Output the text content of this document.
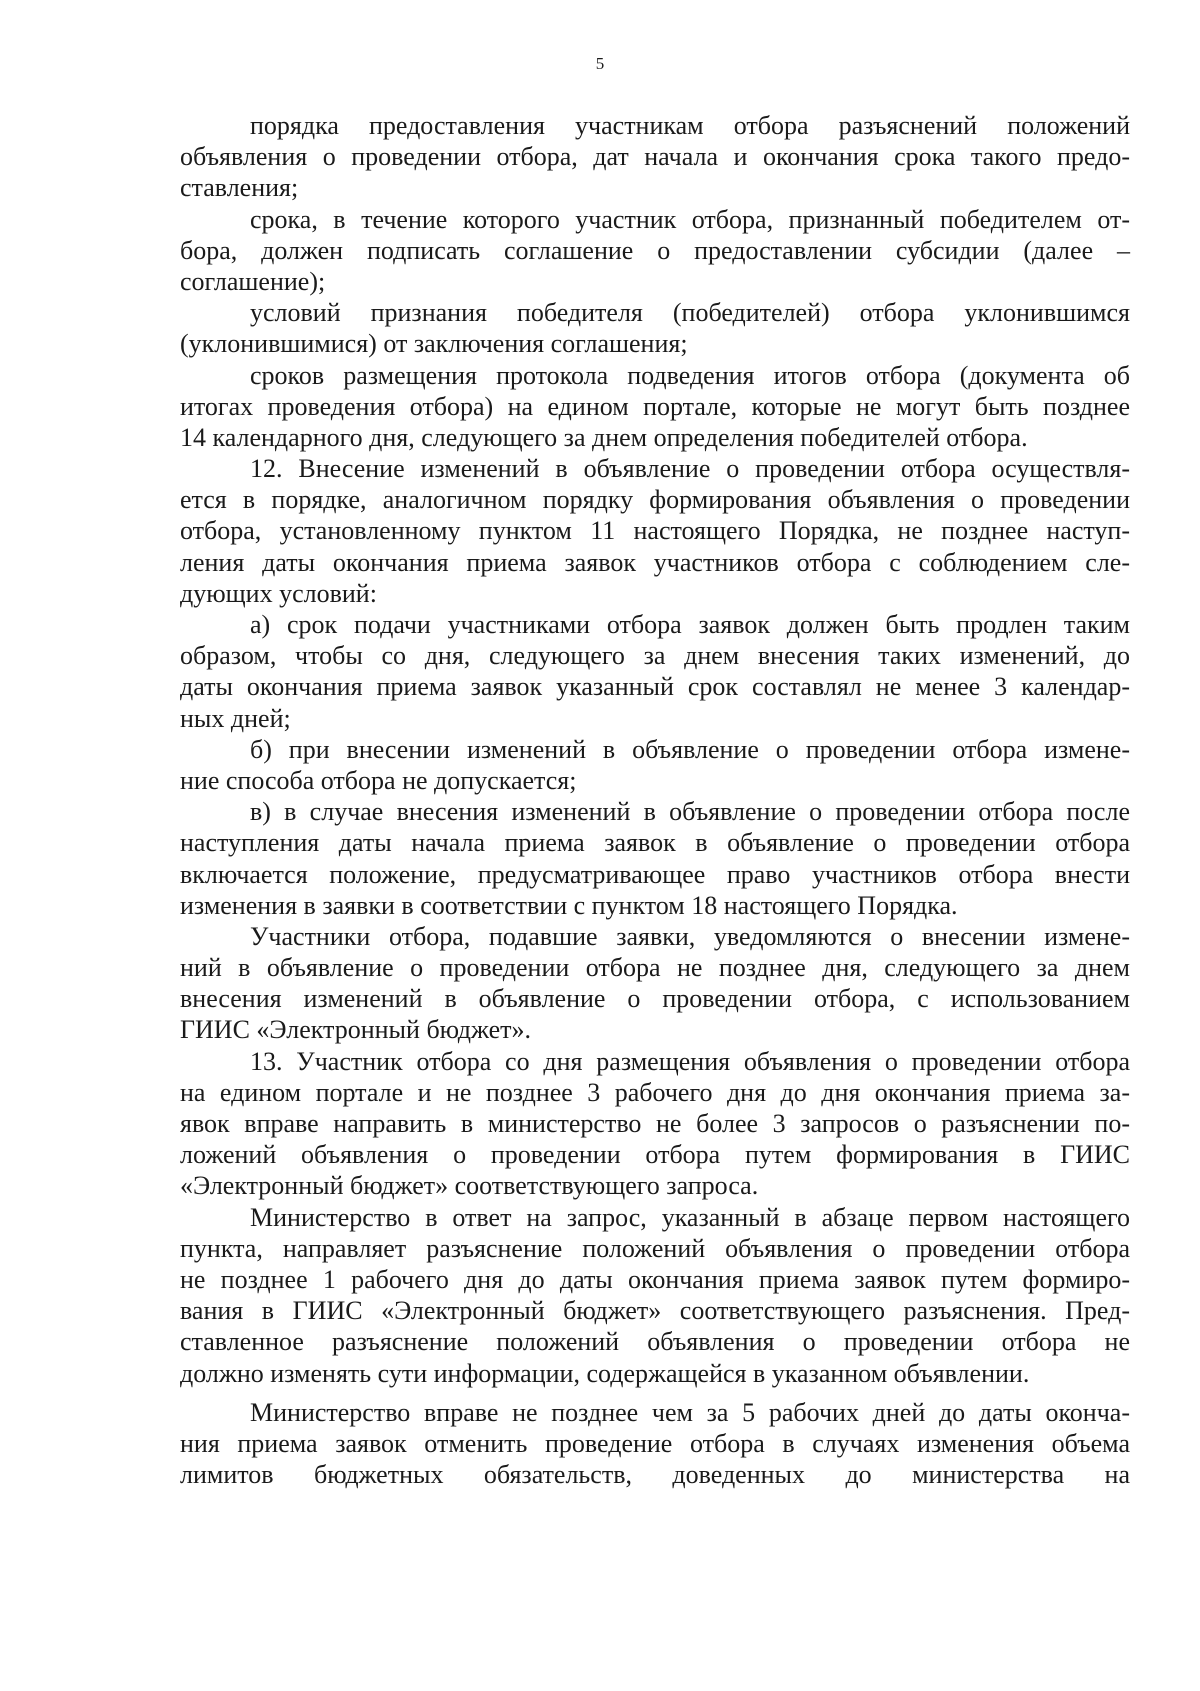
5
порядка предоставления участникам отбора разъяснений положений
объявления о проведении отбора, дат начала и окончания срока такого предо-
ставления;
срока, в течение которого участник отбора, признанный победителем от-
бора, должен подписать соглашение о предоставлении субсидии (далее –
соглашение);
условий признания победителя (победителей) отбора уклонившимся
(уклонившимися) от заключения соглашения;
сроков размещения протокола подведения итогов отбора (документа об
итогах проведения отбора) на едином портале, которые не могут быть позднее
14 календарного дня, следующего за днем определения победителей отбора.
12. Внесение изменений в объявление о проведении отбора осуществля-
ется в порядке, аналогичном порядку формирования объявления о проведении
отбора, установленному пунктом 11 настоящего Порядка, не позднее наступ-
ления даты окончания приема заявок участников отбора с соблюдением сле-
дующих условий:
а) срок подачи участниками отбора заявок должен быть продлен таким
образом, чтобы со дня, следующего за днем внесения таких изменений, до
даты окончания приема заявок указанный срок составлял не менее 3 календар-
ных дней;
б) при внесении изменений в объявление о проведении отбора измене-
ние способа отбора не допускается;
в) в случае внесения изменений в объявление о проведении отбора после
наступления даты начала приема заявок в объявление о проведении отбора
включается положение, предусматривающее право участников отбора внести
изменения в заявки в соответствии с пунктом 18 настоящего Порядка.
Участники отбора, подавшие заявки, уведомляются о внесении измене-
ний в объявление о проведении отбора не позднее дня, следующего за днем
внесения изменений в объявление о проведении отбора, с использованием
ГИИС «Электронный бюджет».
13. Участник отбора со дня размещения объявления о проведении отбора
на едином портале и не позднее 3 рабочего дня до дня окончания приема за-
явок вправе направить в министерство не более 3 запросов о разъяснении по-
ложений объявления о проведении отбора путем формирования в ГИИС
«Электронный бюджет» соответствующего запроса.
Министерство в ответ на запрос, указанный в абзаце первом настоящего
пункта, направляет разъяснение положений объявления о проведении отбора
не позднее 1 рабочего дня до даты окончания приема заявок путем формиро-
вания в ГИИС «Электронный бюджет» соответствующего разъяснения. Пред-
ставленное разъяснение положений объявления о проведении отбора не
должно изменять сути информации, содержащейся в указанном объявлении.
Министерство вправе не позднее чем за 5 рабочих дней до даты оконча-
ния приема заявок отменить проведение отбора в случаях изменения объема
лимитов бюджетных обязательств, доведенных до министерства на
